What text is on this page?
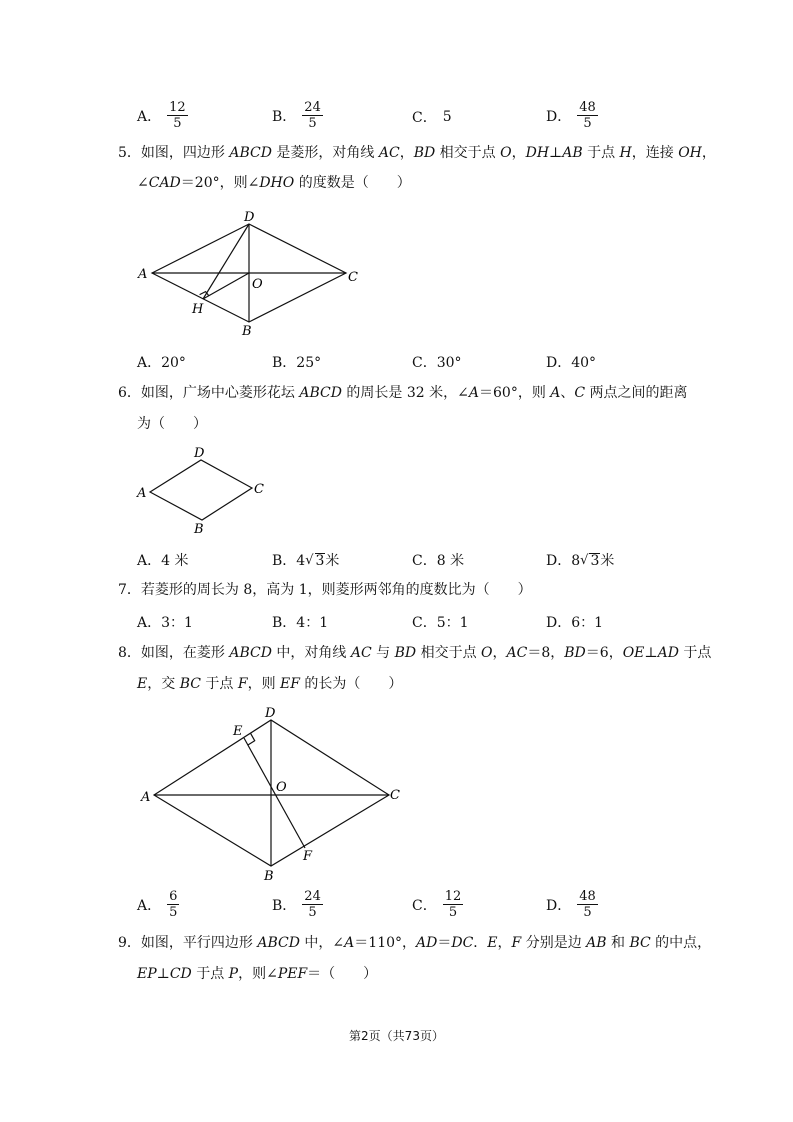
A． $\frac{12}{5}$	B． $\frac{24}{5}$	C． 5	D． $\frac{48}{5}$
5．如图，四边形 ABCD 是菱形，对角线 AC，BD 相交于点 O，DH⊥AB 于点 H，连接 OH，
∠CAD＝20°，则∠DHO 的度数是（　　）
D
A
O	C
H
B
A．20°	B．25°	C．30°	D．40°
6．如图，广场中心菱形花坛 ABCD 的周长是 32 米，∠A＝60°，则 A、C 两点之间的距离
为（　　）
D
A	C
B
A．4 米	B．4 √ 3 米	C．8 米	D．8 √ 3 米
7．若菱形的周长为 8，高为 1，则菱形两邻角的度数比为（　　）
A．3：1	B．4：1	C．5：1	D．6：1
8．如图，在菱形 ABCD 中，对角线 AC 与 BD 相交于点 O，AC＝8，BD＝6，OE⊥AD 于点
E，交 BC 于点 F，则 EF 的长为（　　）
E
D
A
O
C
F
B
A． $\frac{6}{5}$	B． $\frac{24}{5}$	C． $\frac{12}{5}$	D． $\frac{48}{5}$
9．如图，平行四边形 ABCD 中，∠A＝110°，AD＝DC．E，F 分别是边 AB 和 BC 的中点，
EP⊥CD 于点 P，则∠PEF＝（　　）
第2页（共73页）
